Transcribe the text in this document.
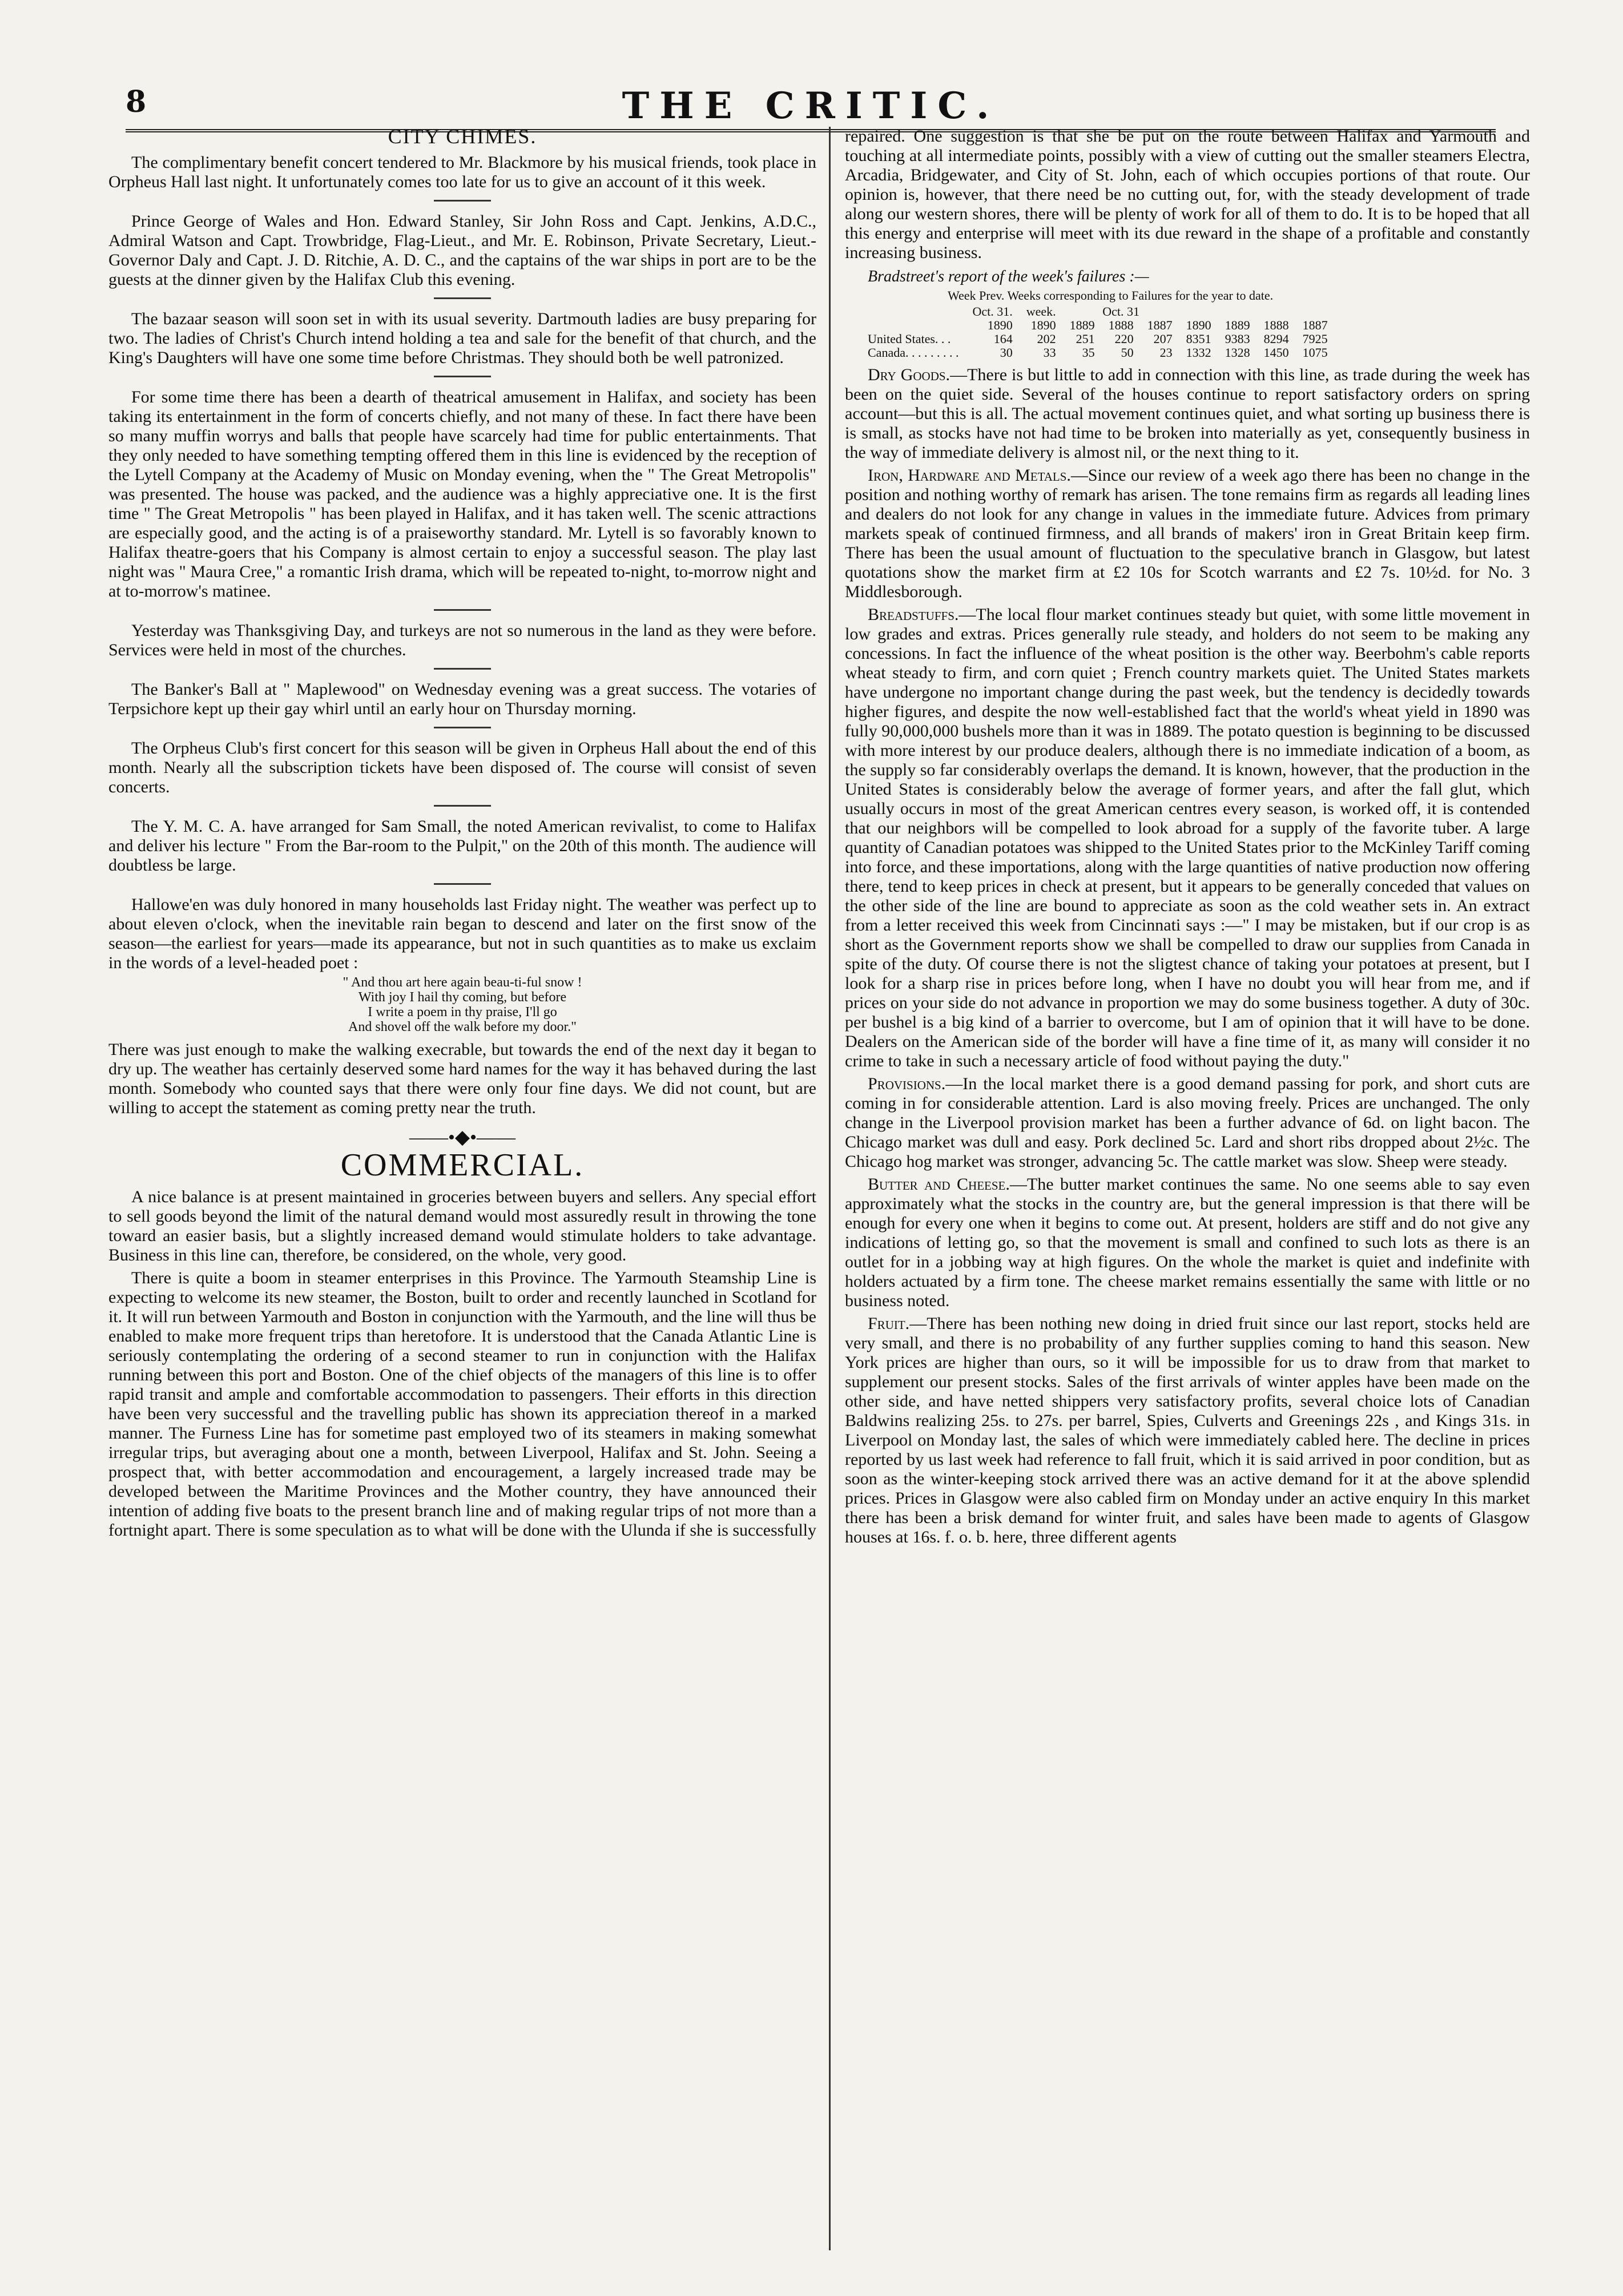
8	THE CRITIC.
CITY CHIMES.

The complimentary benefit concert tendered to Mr. Blackmore by his musical friends, took place in Orpheus Hall last night. It unfortunately comes too late for us to give an account of it this week.

Prince George of Wales and Hon. Edward Stanley, Sir John Ross and Capt. Jenkins, A.D.C., Admiral Watson and Capt. Trowbridge, Flag-Lieut., and Mr. E. Robinson, Private Secretary, Lieut.-Governor Daly and Capt. J. D. Ritchie, A. D. C., and the captains of the war ships in port are to be the guests at the dinner given by the Halifax Club this evening.

The bazaar season will soon set in with its usual severity. Dartmouth ladies are busy preparing for two. The ladies of Christ's Church intend holding a tea and sale for the benefit of that church, and the King's Daughters will have one some time before Christmas. They should both be well patronized.

For some time there has been a dearth of theatrical amusement in Halifax, and society has been taking its entertainment in the form of concerts chiefly, and not many of these. In fact there have been so many muffin worrys and balls that people have scarcely had time for public entertainments. That they only needed to have something tempting offered them in this line is evidenced by the reception of the Lytell Company at the Academy of Music on Monday evening, when the " The Great Metropolis" was presented. The house was packed, and the audience was a highly appreciative one. It is the first time " The Great Metropolis " has been played in Halifax, and it has taken well. The scenic attractions are especially good, and the acting is of a praiseworthy standard. Mr. Lytell is so favorably known to Halifax theatre-goers that his Company is almost certain to enjoy a successful season. The play last night was " Maura Cree," a romantic Irish drama, which will be repeated to-night, to-morrow night and at to-morrow's matinee.

Yesterday was Thanksgiving Day, and turkeys are not so numerous in the land as they were before. Services were held in most of the churches.

The Banker's Ball at " Maplewood" on Wednesday evening was a great success. The votaries of Terpsichore kept up their gay whirl until an early hour on Thursday morning.

The Orpheus Club's first concert for this season will be given in Orpheus Hall about the end of this month. Nearly all the subscription tickets have been disposed of. The course will consist of seven concerts.

The Y. M. C. A. have arranged for Sam Small, the noted American revivalist, to come to Halifax and deliver his lecture " From the Bar-room to the Pulpit," on the 20th of this month. The audience will doubtless be large.

Hallowe'en was duly honored in many households last Friday night. The weather was perfect up to about eleven o'clock, when the inevitable rain began to descend and later on the first snow of the season—the earliest for years—made its appearance, but not in such quantities as to make us exclaim in the words of a level-headed poet :

" And thou art here again beau-ti-ful snow !
With joy I hail thy coming, but before
I write a poem in thy praise, I'll go
And shovel off the walk before my door."

There was just enough to make the walking execrable, but towards the end of the next day it began to dry up. The weather has certainly deserved some hard names for the way it has behaved during the last month. Somebody who counted says that there were only four fine days. We did not count, but are willing to accept the statement as coming pretty near the truth.

——•◆•——
COMMERCIAL.

A nice balance is at present maintained in groceries between buyers and sellers. Any special effort to sell goods beyond the limit of the natural demand would most assuredly result in throwing the tone toward an easier basis, but a slightly increased demand would stimulate holders to take advantage. Business in this line can, therefore, be considered, on the whole, very good.

There is quite a boom in steamer enterprises in this Province. The Yarmouth Steamship Line is expecting to welcome its new steamer, the Boston, built to order and recently launched in Scotland for it. It will run between Yarmouth and Boston in conjunction with the Yarmouth, and the line will thus be enabled to make more frequent trips than heretofore. It is understood that the Canada Atlantic Line is seriously contemplating the ordering of a second steamer to run in conjunction with the Halifax running between this port and Boston. One of the chief objects of the managers of this line is to offer rapid transit and ample and comfortable accommodation to passengers. Their efforts in this direction have been very successful and the travelling public has shown its appreciation thereof in a marked manner. The Furness Line has for sometime past employed two of its steamers in making somewhat irregular trips, but averaging about one a month, between Liverpool, Halifax and St. John. Seeing a prospect that, with better accommodation and encouragement, a largely increased trade may be developed between the Maritime Provinces and the Mother country, they have announced their intention of adding five boats to the present branch line and of making regular trips of not more than a fortnight apart. There is some speculation as to what will be done with the Ulunda if she is successfully

repaired. One suggestion is that she be put on the route between Halifax and Yarmouth and touching at all intermediate points, possibly with a view of cutting out the smaller steamers Electra, Arcadia, Bridgewater, and City of St. John, each of which occupies portions of that route. Our opinion is, however, that there need be no cutting out, for, with the steady development of trade along our western shores, there will be plenty of work for all of them to do. It is to be hoped that all this energy and enterprise will meet with its due reward in the shape of a profitable and constantly increasing business.

Bradstreet's report of the week's failures :—
Week Prev. Weeks corresponding to Failures for the year to date.
	Oct. 31.	week.	Oct. 31						
	1890	1890	1889	1888	1887	1890	1889	1888	1887
United States. . .	164	202	251	220	207	8351	9383	8294	7925
Canada. . . . . . . . .	30	33	35	50	23	1332	1328	1450	1075

Dry Goods.—There is but little to add in connection with this line, as trade during the week has been on the quiet side. Several of the houses continue to report satisfactory orders on spring account—but this is all. The actual movement continues quiet, and what sorting up business there is is small, as stocks have not had time to be broken into materially as yet, consequently business in the way of immediate delivery is almost nil, or the next thing to it.

Iron, Hardware and Metals.—Since our review of a week ago there has been no change in the position and nothing worthy of remark has arisen. The tone remains firm as regards all leading lines and dealers do not look for any change in values in the immediate future. Advices from primary markets speak of continued firmness, and all brands of makers' iron in Great Britain keep firm. There has been the usual amount of fluctuation to the speculative branch in Glasgow, but latest quotations show the market firm at £2 10s for Scotch warrants and £2 7s. 10½d. for No. 3 Middlesborough.

Breadstuffs.—The local flour market continues steady but quiet, with some little movement in low grades and extras. Prices generally rule steady, and holders do not seem to be making any concessions. In fact the influence of the wheat position is the other way. Beerbohm's cable reports wheat steady to firm, and corn quiet ; French country markets quiet. The United States markets have undergone no important change during the past week, but the tendency is decidedly towards higher figures, and despite the now well-established fact that the world's wheat yield in 1890 was fully 90,000,000 bushels more than it was in 1889. The potato question is beginning to be discussed with more interest by our produce dealers, although there is no immediate indication of a boom, as the supply so far considerably overlaps the demand. It is known, however, that the production in the United States is considerably below the average of former years, and after the fall glut, which usually occurs in most of the great American centres every season, is worked off, it is contended that our neighbors will be compelled to look abroad for a supply of the favorite tuber. A large quantity of Canadian potatoes was shipped to the United States prior to the McKinley Tariff coming into force, and these importations, along with the large quantities of native production now offering there, tend to keep prices in check at present, but it appears to be generally conceded that values on the other side of the line are bound to appreciate as soon as the cold weather sets in. An extract from a letter received this week from Cincinnati says :—" I may be mistaken, but if our crop is as short as the Government reports show we shall be compelled to draw our supplies from Canada in spite of the duty. Of course there is not the sligtest chance of taking your potatoes at present, but I look for a sharp rise in prices before long, when I have no doubt you will hear from me, and if prices on your side do not advance in proportion we may do some business together. A duty of 30c. per bushel is a big kind of a barrier to overcome, but I am of opinion that it will have to be done. Dealers on the American side of the border will have a fine time of it, as many will consider it no crime to take in such a necessary article of food without paying the duty."

Provisions.—In the local market there is a good demand passing for pork, and short cuts are coming in for considerable attention. Lard is also moving freely. Prices are unchanged. The only change in the Liverpool provision market has been a further advance of 6d. on light bacon. The Chicago market was dull and easy. Pork declined 5c. Lard and short ribs dropped about 2½c. The Chicago hog market was stronger, advancing 5c. The cattle market was slow. Sheep were steady.

Butter and Cheese.—The butter market continues the same. No one seems able to say even approximately what the stocks in the country are, but the general impression is that there will be enough for every one when it begins to come out. At present, holders are stiff and do not give any indications of letting go, so that the movement is small and confined to such lots as there is an outlet for in a jobbing way at high figures. On the whole the market is quiet and indefinite with holders actuated by a firm tone. The cheese market remains essentially the same with little or no business noted.

Fruit.—There has been nothing new doing in dried fruit since our last report, stocks held are very small, and there is no probability of any further supplies coming to hand this season. New York prices are higher than ours, so it will be impossible for us to draw from that market to supplement our present stocks. Sales of the first arrivals of winter apples have been made on the other side, and have netted shippers very satisfactory profits, several choice lots of Canadian Baldwins realizing 25s. to 27s. per barrel, Spies, Culverts and Greenings 22s , and Kings 31s. in Liverpool on Monday last, the sales of which were immediately cabled here. The decline in prices reported by us last week had reference to fall fruit, which it is said arrived in poor condition, but as soon as the winter-keeping stock arrived there was an active demand for it at the above splendid prices. Prices in Glasgow were also cabled firm on Monday under an active enquiry In this market there has been a brisk demand for winter fruit, and sales have been made to agents of Glasgow houses at 16s. f. o. b. here, three different agents
